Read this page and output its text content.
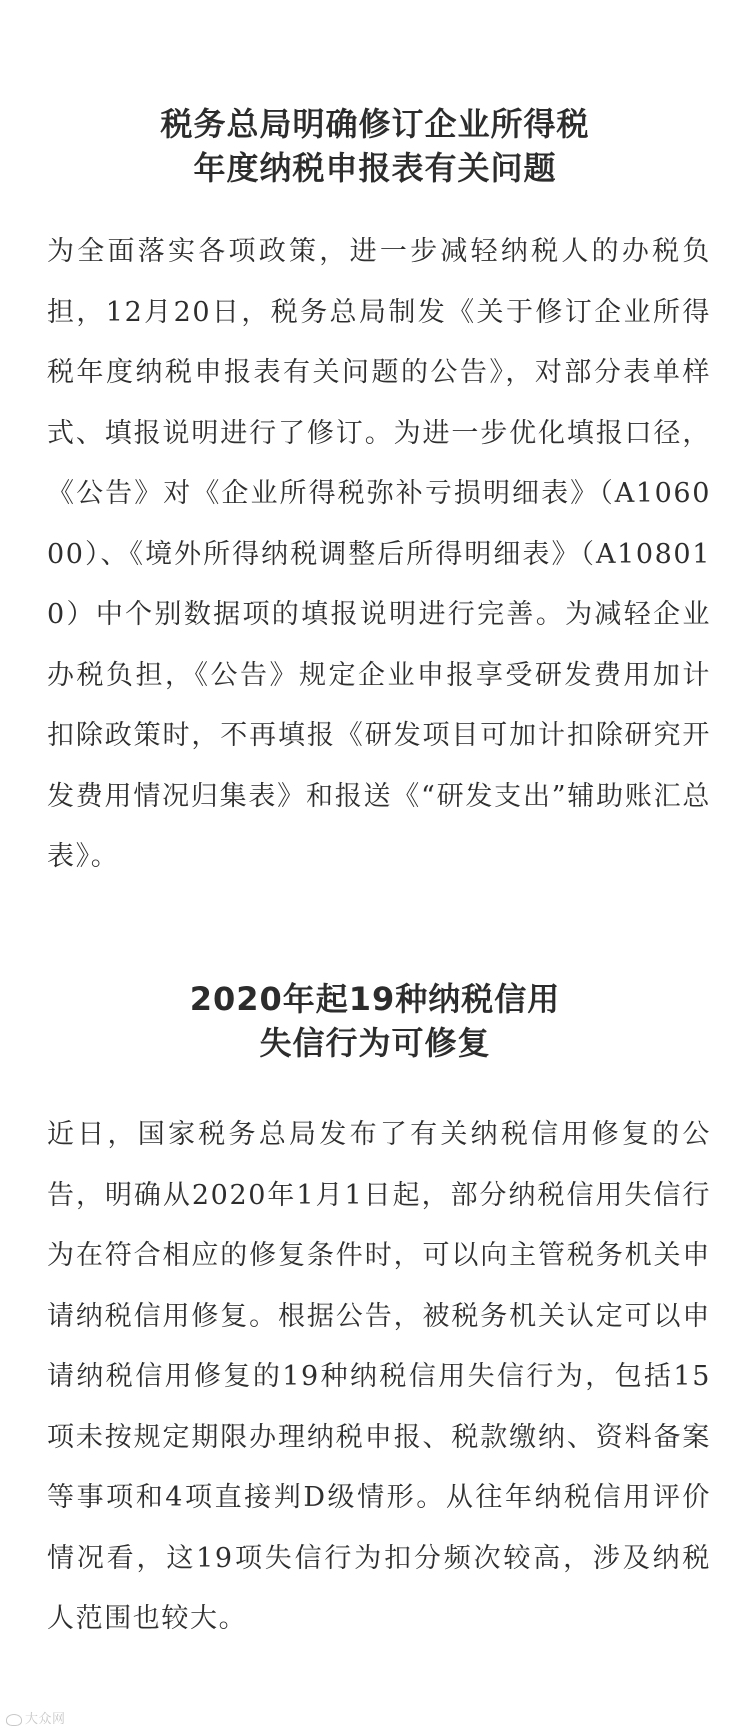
税务总局明确修订企业所得税

年度纳税申报表有关问题

为全面落实各项政策，进一步减轻纳税人的办税负担，12月20日，税务总局制发《关于修订企业所得税年度纳税申报表有关问题的公告》，对部分表单样式、填报说明进行了修订。为进一步优化填报口径，《公告》对《企业所得税弥补亏损明细表》（A106000）、《境外所得纳税调整后所得明细表》（A108010）中个别数据项的填报说明进行完善。为减轻企业办税负担，《公告》规定企业申报享受研发费用加计扣除政策时，不再填报《研发项目可加计扣除研究开发费用情况归集表》和报送《“研发支出”辅助账汇总表》。

2020年起19种纳税信用

失信行为可修复

近日，国家税务总局发布了有关纳税信用修复的公告，明确从2020年1月1日起，部分纳税信用失信行为在符合相应的修复条件时，可以向主管税务机关申请纳税信用修复。根据公告，被税务机关认定可以申请纳税信用修复的19种纳税信用失信行为，包括15项未按规定期限办理纳税申报、税款缴纳、资料备案等事项和4项直接判D级情形。从往年纳税信用评价情况看，这19项失信行为扣分频次较高，涉及纳税人范围也较大。

大众网
